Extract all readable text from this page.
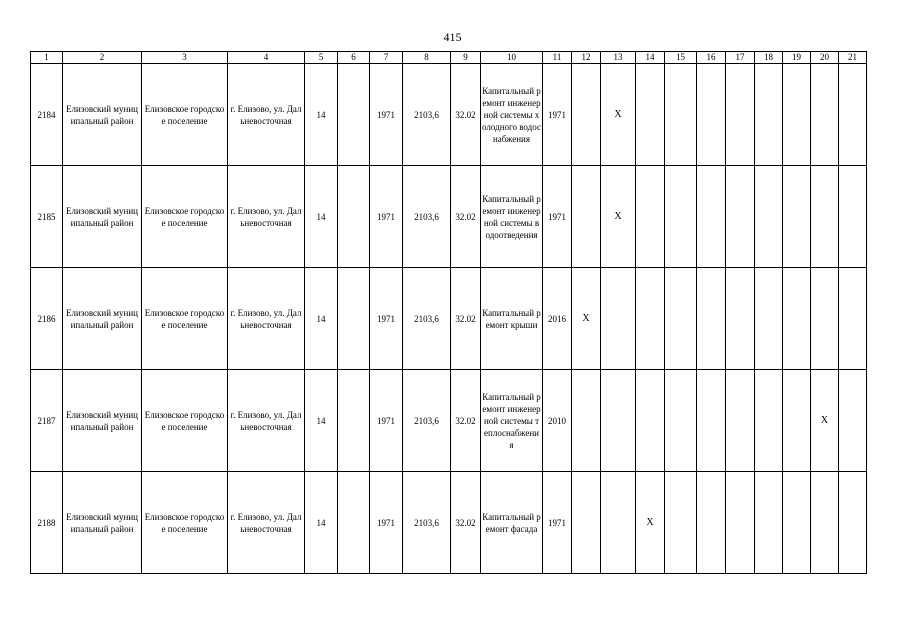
415
1	2	3	4	5	6	7	8	9	10	11	12	13	14	15	16	17	18	19	20	21
2184	Елизовский муниципальный район	Елизовское городское поселение	г. Елизово, ул. Дальневосточная	14		1971	2103,6	32.02	Капитальный ремонт инженерной системы холодного водоснабжения	1971		X								
2185	Елизовский муниципальный район	Елизовское городское поселение	г. Елизово, ул. Дальневосточная	14		1971	2103,6	32.02	Капитальный ремонт инженерной системы водоотведения	1971		X								
2186	Елизовский муниципальный район	Елизовское городское поселение	г. Елизово, ул. Дальневосточная	14		1971	2103,6	32.02	Капитальный ремонт крыши	2016	X									
2187	Елизовский муниципальный район	Елизовское городское поселение	г. Елизово, ул. Дальневосточная	14		1971	2103,6	32.02	Капитальный ремонт инженерной системы теплоснабжения	2010									X	
2188	Елизовский муниципальный район	Елизовское городское поселение	г. Елизово, ул. Дальневосточная	14		1971	2103,6	32.02	Капитальный ремонт фасада	1971			X							
